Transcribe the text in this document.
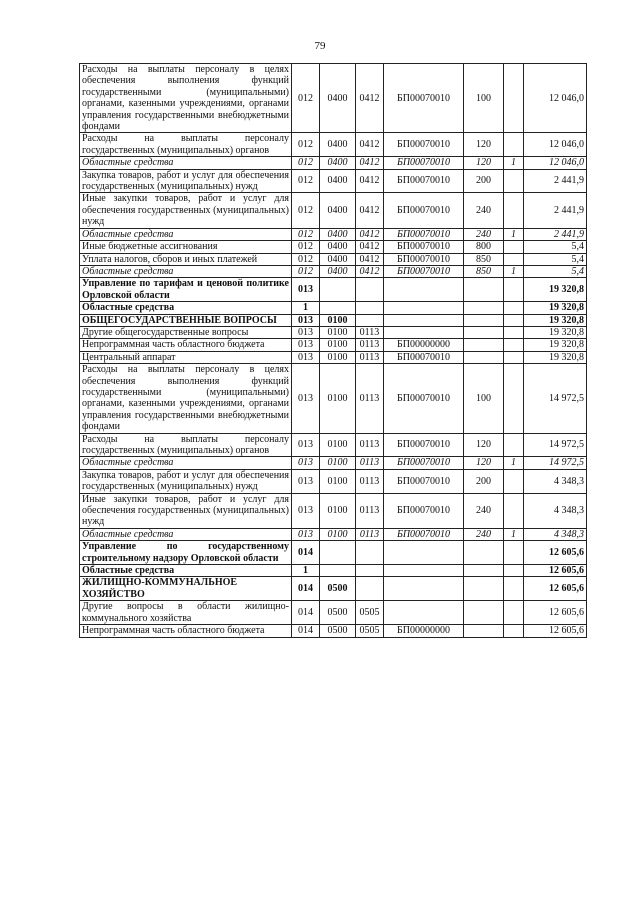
79
Расходы на выплаты персоналу в целях обеспечения выполнения функций государственными (муниципальными) органами, казенными учреждениями, органами управления государственными внебюджетными фондами	012	0400	0412	БП00070010	100		12 046,0
Расходы на выплаты персоналу государственных (муниципальных) органов	012	0400	0412	БП00070010	120		12 046,0
Областные средства	012	0400	0412	БП00070010	120	1	12 046,0
Закупка товаров, работ и услуг для обеспечения государственных (муниципальных) нужд	012	0400	0412	БП00070010	200		2 441,9
Иные закупки товаров, работ и услуг для обеспечения государственных (муниципальных) нужд	012	0400	0412	БП00070010	240		2 441,9
Областные средства	012	0400	0412	БП00070010	240	1	2 441,9
Иные бюджетные ассигнования	012	0400	0412	БП00070010	800		5,4
Уплата налогов, сборов и иных платежей	012	0400	0412	БП00070010	850		5,4
Областные средства	012	0400	0412	БП00070010	850	1	5,4
Управление по тарифам и ценовой политике Орловской области	013						19 320,8
Областные средства	1						19 320,8
ОБЩЕГОСУДАРСТВЕННЫЕ ВОПРОСЫ	013	0100					19 320,8
Другие общегосударственные вопросы	013	0100	0113				19 320,8
Непрограммная часть областного бюджета	013	0100	0113	БП00000000			19 320,8
Центральный аппарат	013	0100	0113	БП00070010			19 320,8
Расходы на выплаты персоналу в целях обеспечения выполнения функций государственными (муниципальными) органами, казенными учреждениями, органами управления государственными внебюджетными фондами	013	0100	0113	БП00070010	100		14 972,5
Расходы на выплаты персоналу государственных (муниципальных) органов	013	0100	0113	БП00070010	120		14 972,5
Областные средства	013	0100	0113	БП00070010	120	1	14 972,5
Закупка товаров, работ и услуг для обеспечения государственных (муниципальных) нужд	013	0100	0113	БП00070010	200		4 348,3
Иные закупки товаров, работ и услуг для обеспечения государственных (муниципальных) нужд	013	0100	0113	БП00070010	240		4 348,3
Областные средства	013	0100	0113	БП00070010	240	1	4 348,3
Управление по государственному строительному надзору Орловской области	014						12 605,6
Областные средства	1						12 605,6
ЖИЛИЩНО-КОММУНАЛЬНОЕ ХОЗЯЙСТВО	014	0500					12 605,6
Другие вопросы в области жилищно-коммунального хозяйства	014	0500	0505				12 605,6
Непрограммная часть областного бюджета	014	0500	0505	БП00000000			12 605,6
